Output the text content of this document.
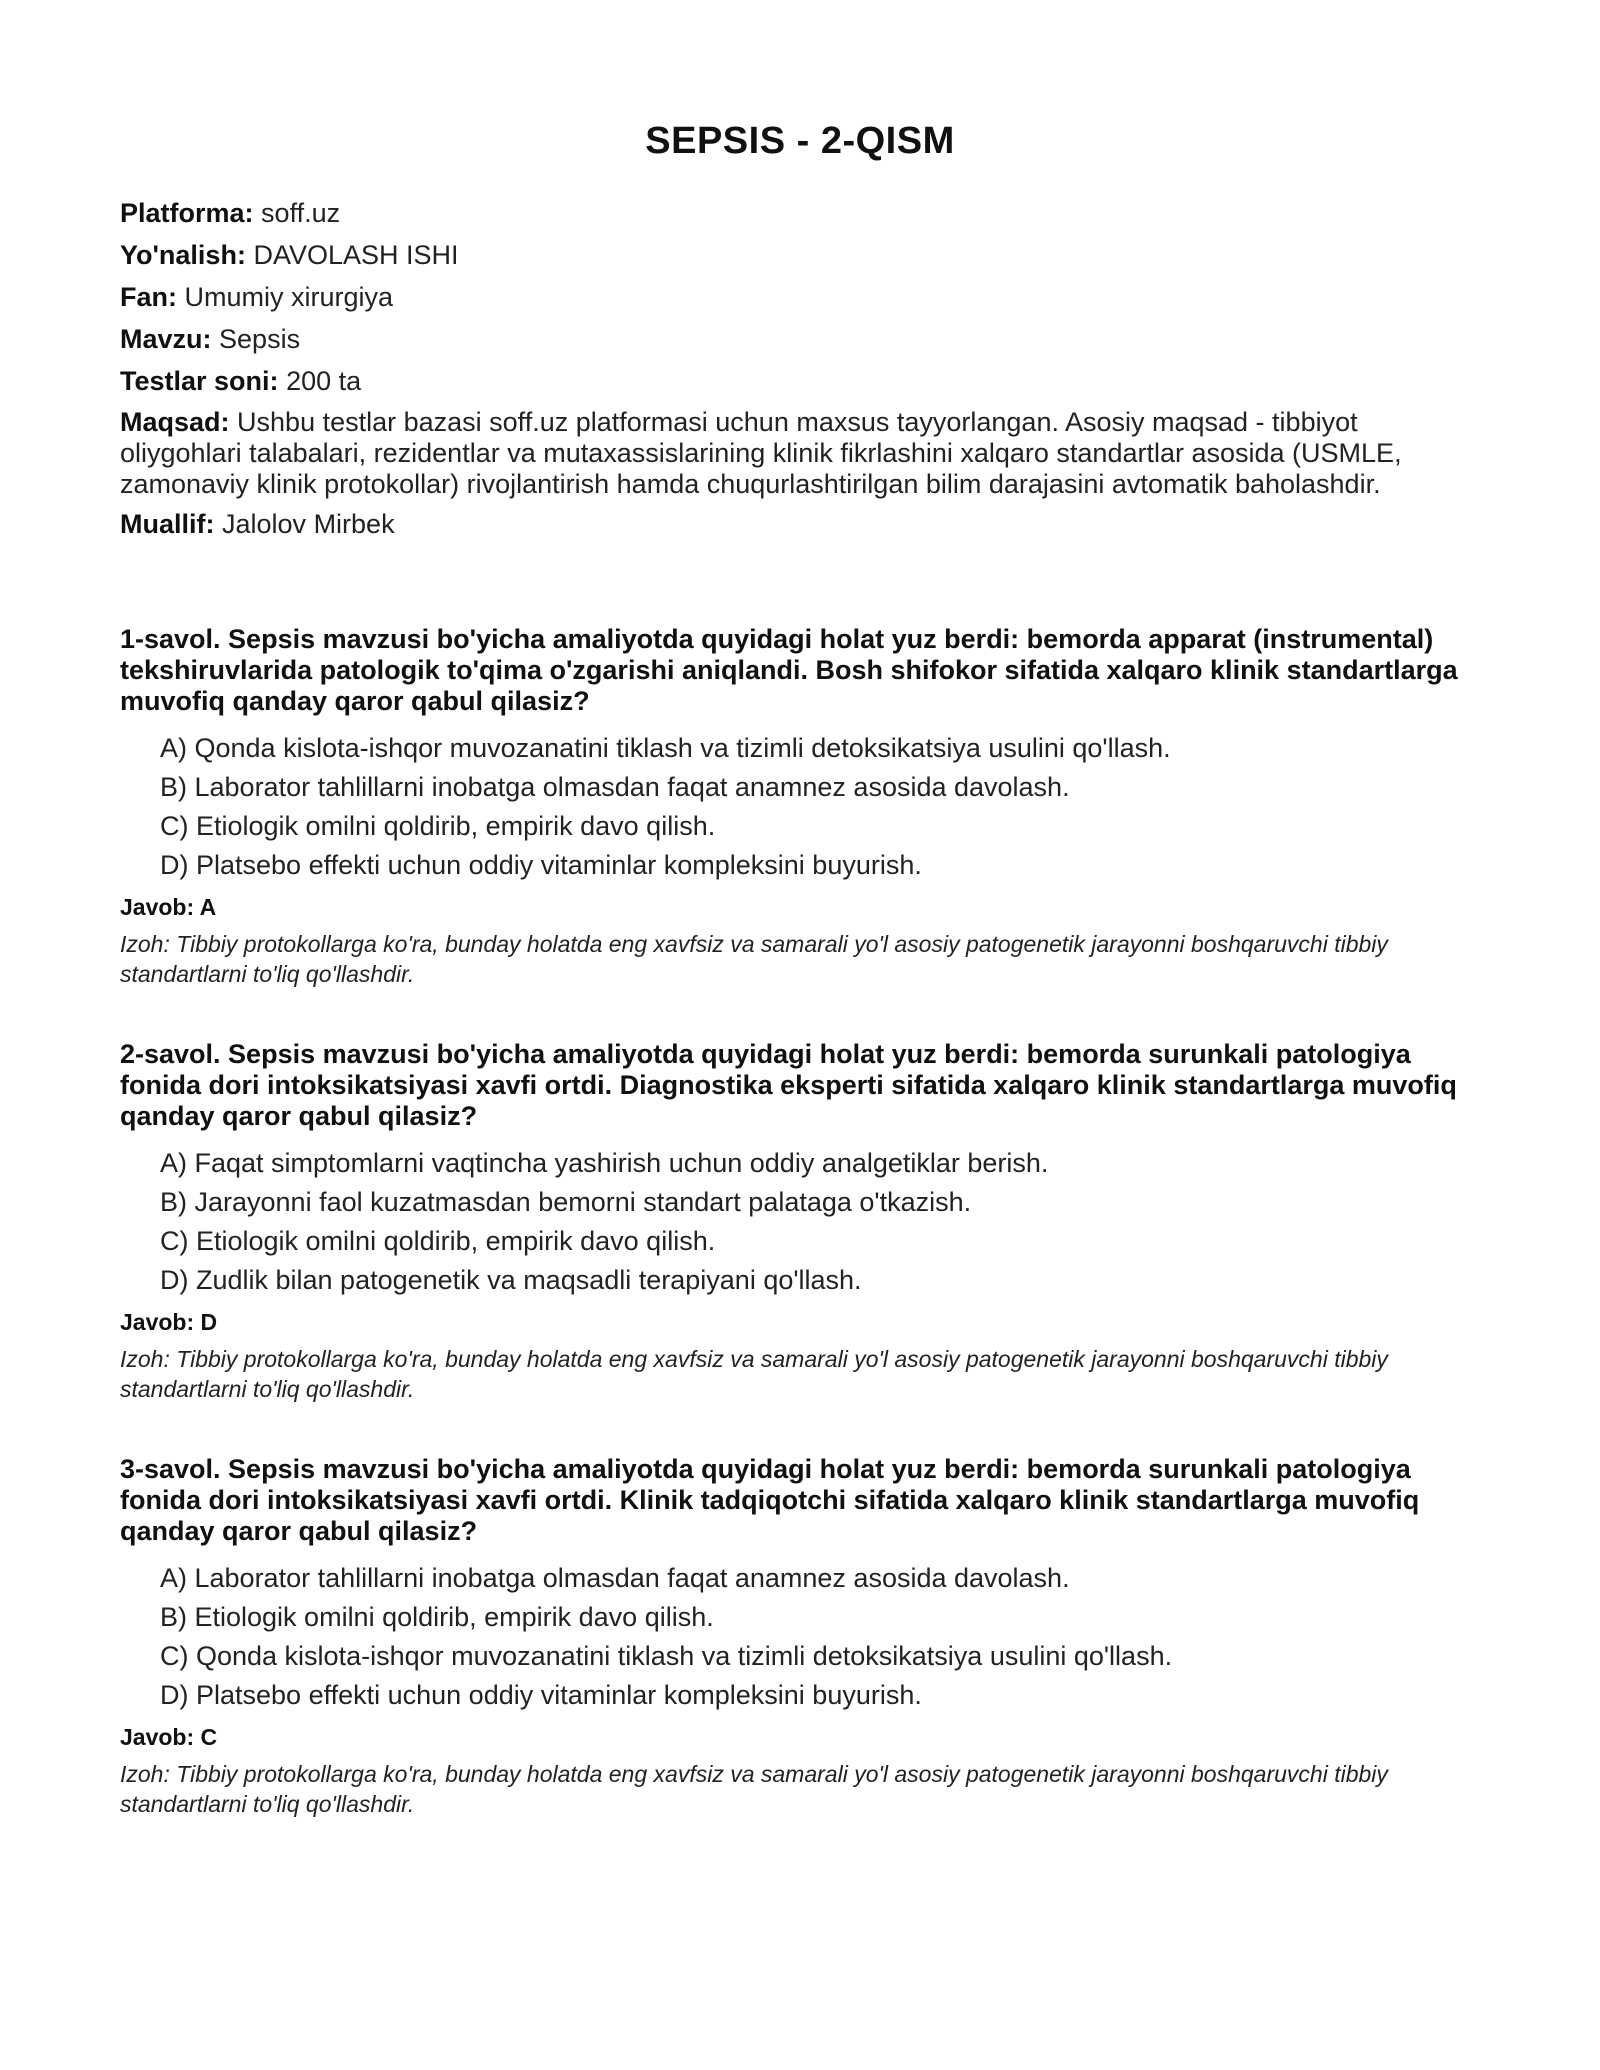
SEPSIS - 2-QISM

Platforma: soff.uz

Yo'nalish: DAVOLASH ISHI

Fan: Umumiy xirurgiya

Mavzu: Sepsis

Testlar soni: 200 ta

Maqsad: Ushbu testlar bazasi soff.uz platformasi uchun maxsus tayyorlangan. Asosiy maqsad - tibbiyot oliygohlari talabalari, rezidentlar va mutaxassislarining klinik fikrlashini xalqaro standartlar asosida (USMLE, zamonaviy klinik protokollar) rivojlantirish hamda chuqurlashtirilgan bilim darajasini avtomatik baholashdir.

Muallif: Jalolov Mirbek

1-savol. Sepsis mavzusi bo'yicha amaliyotda quyidagi holat yuz berdi: bemorda apparat (instrumental) tekshiruvlarida patologik to'qima o'zgarishi aniqlandi. Bosh shifokor sifatida xalqaro klinik standartlarga muvofiq qanday qaror qabul qilasiz?

A) Qonda kislota-ishqor muvozanatini tiklash va tizimli detoksikatsiya usulini qo'llash.
B) Laborator tahlillarni inobatga olmasdan faqat anamnez asosida davolash.
C) Etiologik omilni qoldirib, empirik davo qilish.
D) Platsebo effekti uchun oddiy vitaminlar kompleksini buyurish.

Javob: A

Izoh: Tibbiy protokollarga ko'ra, bunday holatda eng xavfsiz va samarali yo'l asosiy patogenetik jarayonni boshqaruvchi tibbiy standartlarni to'liq qo'llashdir.

2-savol. Sepsis mavzusi bo'yicha amaliyotda quyidagi holat yuz berdi: bemorda surunkali patologiya fonida dori intoksikatsiyasi xavfi ortdi. Diagnostika eksperti sifatida xalqaro klinik standartlarga muvofiq qanday qaror qabul qilasiz?

A) Faqat simptomlarni vaqtincha yashirish uchun oddiy analgetiklar berish.
B) Jarayonni faol kuzatmasdan bemorni standart palataga o'tkazish.
C) Etiologik omilni qoldirib, empirik davo qilish.
D) Zudlik bilan patogenetik va maqsadli terapiyani qo'llash.

Javob: D

Izoh: Tibbiy protokollarga ko'ra, bunday holatda eng xavfsiz va samarali yo'l asosiy patogenetik jarayonni boshqaruvchi tibbiy standartlarni to'liq qo'llashdir.

3-savol. Sepsis mavzusi bo'yicha amaliyotda quyidagi holat yuz berdi: bemorda surunkali patologiya fonida dori intoksikatsiyasi xavfi ortdi. Klinik tadqiqotchi sifatida xalqaro klinik standartlarga muvofiq qanday qaror qabul qilasiz?

A) Laborator tahlillarni inobatga olmasdan faqat anamnez asosida davolash.
B) Etiologik omilni qoldirib, empirik davo qilish.
C) Qonda kislota-ishqor muvozanatini tiklash va tizimli detoksikatsiya usulini qo'llash.
D) Platsebo effekti uchun oddiy vitaminlar kompleksini buyurish.

Javob: C

Izoh: Tibbiy protokollarga ko'ra, bunday holatda eng xavfsiz va samarali yo'l asosiy patogenetik jarayonni boshqaruvchi tibbiy standartlarni to'liq qo'llashdir.
